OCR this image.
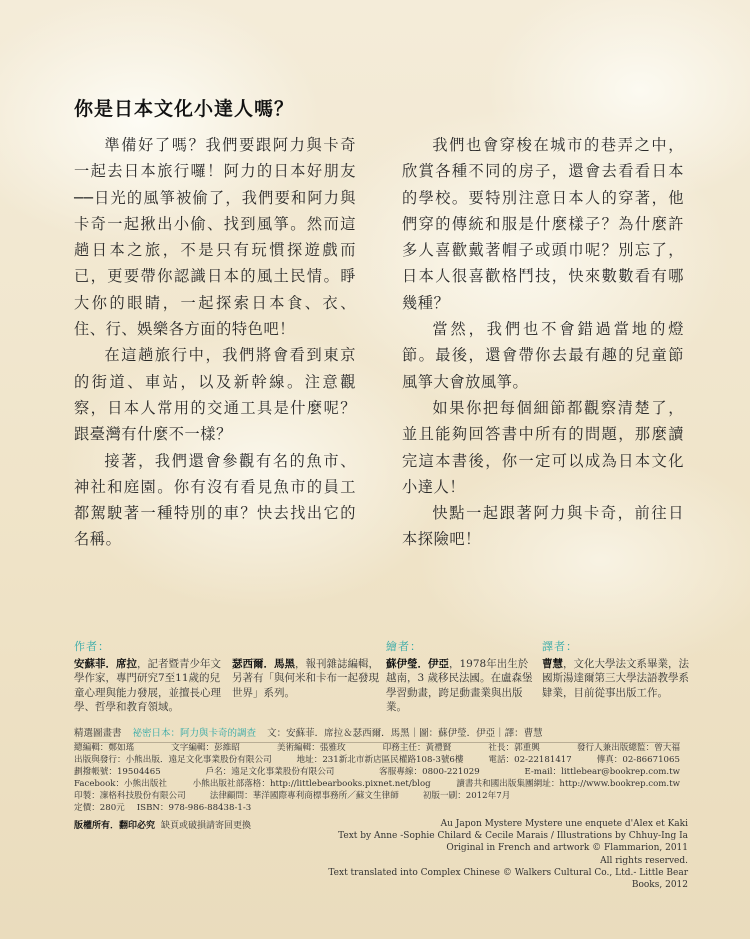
你是日本文化小達人嗎？

準備好了嗎？我們要跟阿力與卡奇一起去日本旅行囉！阿力的日本好朋友──日光的風箏被偷了，我們要和阿力與卡奇一起揪出小偷、找到風箏。然而這趟日本之旅，不是只有玩慣探遊戲而已，更要帶你認識日本的風土民情。睜大你的眼睛，一起探索日本食、衣、住、行、娛樂各方面的特色吧！

在這趟旅行中，我們將會看到東京的街道、車站，以及新幹線。注意觀察，日本人常用的交通工具是什麼呢？跟臺灣有什麼不一樣？

接著，我們還會參觀有名的魚市、神社和庭園。你有沒有看見魚市的員工都駕駛著一種特別的車？快去找出它的名稱。

我們也會穿梭在城市的巷弄之中，欣賞各種不同的房子，還會去看看日本的學校。要特別注意日本人的穿著，他們穿的傳統和服是什麼樣子？為什麼許多人喜歡戴著帽子或頭巾呢？別忘了，日本人很喜歡格鬥技，快來數數看有哪幾種？

當然，我們也不會錯過當地的燈節。最後，還會帶你去最有趣的兒童節風箏大會放風箏。

如果你把每個細節都觀察清楚了，並且能夠回答書中所有的問題，那麼讀完這本書後，你一定可以成為日本文化小達人！

快點一起跟著阿力與卡奇，前往日本探險吧！

作者：
安蘇菲．席拉，記者暨青少年文學作家，專門研究7至11歲的兒童心理與能力發展，並擅長心理學、哲學和教育領域。
瑟西爾．馬黑，報刊雜誌編輯，另著有「與何米和卡布一起發現世界」系列。
繪者：
蘇伊瑩．伊亞，1978年出生於越南，3 歲移民法國。在盧森堡學習動畫，跨足動畫業與出版業。
譯者：
曹慧，文化大學法文系畢業，法國斯湯達爾第三大學法語教學系肄業，目前從事出版工作。
精選圖畫書 祕密日本：阿力與卡奇的調查 文：安蘇菲．席拉＆瑟西爾．馬黑｜圖：蘇伊瑩．伊亞｜譯：曹慧
總編輯：鄭如瑤	文字編輯：彭維昭	美術編輯：張雅玫	印務主任：黃禮賢	社長：郭重興	發行人兼出版總監：曾大福
出版與發行：小熊出版．遠足文化事業股份有限公司	地址：231新北市新店區民權路108-3號6樓	電話：02-22181417	傳真：02-86671065
劃撥帳號：19504465	戶名：遠足文化事業股份有限公司	客服專線：0800-221029	E-mail：littlebear@bookrep.com.tw
Facebook：小熊出版社	小熊出版社部落格：http://littlebearbooks.pixnet.net/blog	讀書共和國出版集團網址：http://www.bookrep.com.tw
印製：凜格科技股份有限公司	法律顧問：華洋國際專利商標事務所／蘇文生律師	初版一刷：2012年7月
定價：280元 ISBN：978-986-88438-1-3
版權所有．翻印必究 缺頁或破損請寄回更換	Au Japon Mystere Mystere une enquete d'Alex et Kaki
Text by Anne -Sophie Chilard & Cecile Marais / Illustrations by Chhuy-Ing Ia
Original in French and artwork © Flammarion, 2011
All rights reserved.
Text translated into Complex Chinese © Walkers Cultural Co., Ltd.- Little Bear Books, 2012
